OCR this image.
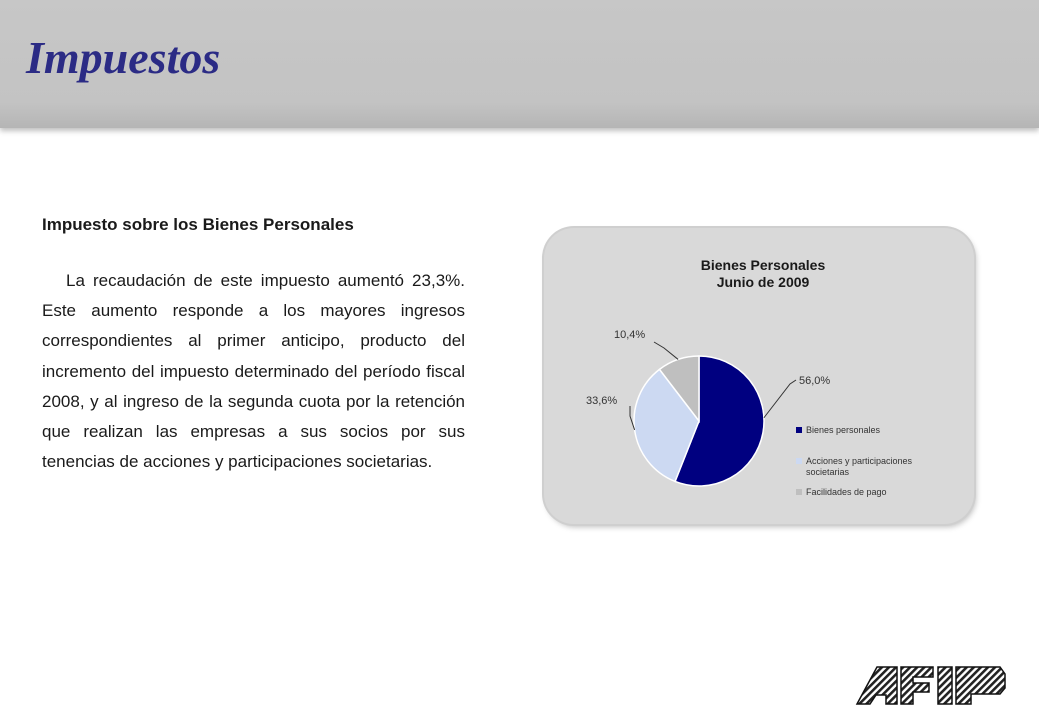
Impuestos
Impuesto sobre los Bienes Personales

La recaudación de este impuesto aumentó 23,3%. Este aumento responde a los mayores ingresos correspondientes al primer anticipo, producto del incremento del impuesto determinado del período fiscal 2008, y al ingreso de la segunda cuota por la retención que realizan las empresas a sus socios por sus tenencias de acciones y participaciones societarias.

Bienes Personales
Junio de 2009
56,0%
33,6%
10,4%
Bienes personales
Acciones y participaciones societarias
Facilidades de pago
